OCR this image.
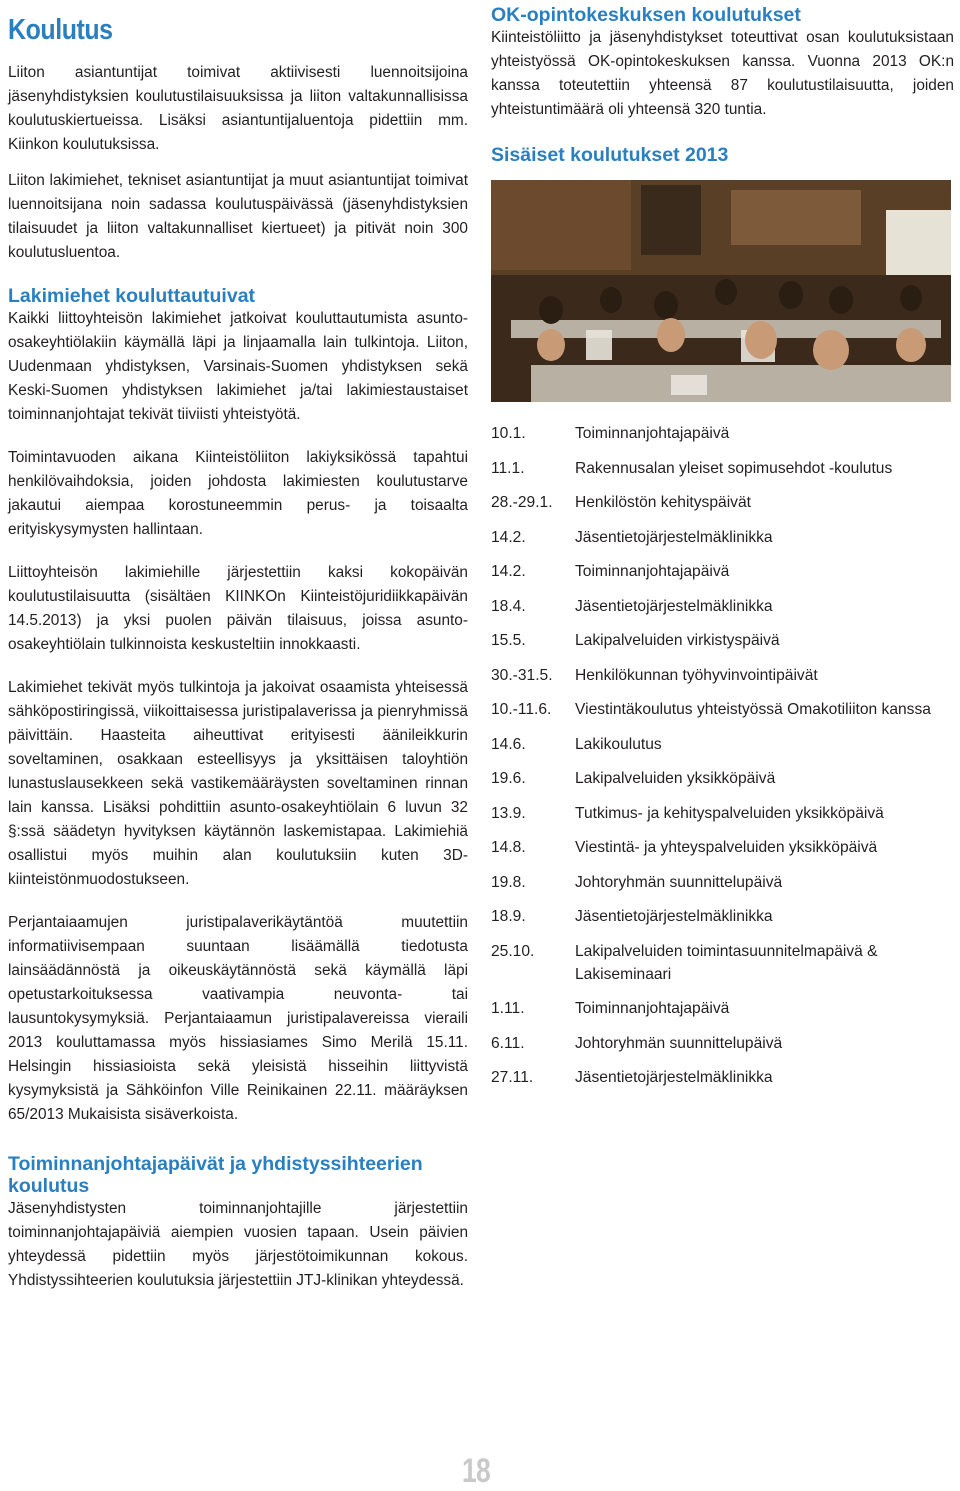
Koulutus

Liiton asiantuntijat toimivat aktiivisesti luennoitsijoina jäsenyhdistyksien koulutustilaisuuksissa ja liiton valtakunnallisissa koulutuskiertueissa. Lisäksi asiantuntijaluentoja pidettiin mm. Kiinkon koulutuksissa.

Liiton lakimiehet, tekniset asiantuntijat ja muut asiantuntijat toimivat luennoitsijana noin sadassa koulutuspäivässä (jäsenyhdistyksien tilaisuudet ja liiton valtakunnalliset kiertueet) ja pitivät noin 300 koulutusluentoa.

Lakimiehet kouluttautuivat

Kaikki liittoyhteisön lakimiehet jatkoivat kouluttautumista asunto-osakeyhtiölakiin käymällä läpi ja linjaamalla lain tulkintoja. Liiton, Uudenmaan yhdistyksen, Varsinais-Suomen yhdistyksen sekä Keski-Suomen yhdistyksen lakimiehet ja/tai lakimiestaustaiset toiminnanjohtajat tekivät tiiviisti yhteistyötä.

Toimintavuoden aikana Kiinteistöliiton lakiyksikössä tapahtui henkilövaihdoksia, joiden johdosta lakimiesten koulutustarve jakautui aiempaa korostuneemmin perus- ja toisaalta erityiskysymysten hallintaan.

Liittoyhteisön lakimiehille järjestettiin kaksi kokopäivän koulutustilaisuutta (sisältäen KIINKOn Kiinteistöjuridiikkapäivän 14.5.2013) ja yksi puolen päivän tilaisuus, joissa asunto-osakeyhtiölain tulkinnoista keskusteltiin innokkaasti.

Lakimiehet tekivät myös tulkintoja ja jakoivat osaamista yhteisessä sähköpostiringissä, viikoittaisessa juristipalaverissa ja pienryhmissä päivittäin. Haasteita aiheuttivat erityisesti äänileikkurin soveltaminen, osakkaan esteellisyys ja yksittäisen taloyhtiön lunastuslausekkeen sekä vastikemääräysten soveltaminen rinnan lain kanssa. Lisäksi pohdittiin asunto-osakeyhtiölain 6 luvun 32 §:ssä säädetyn hyvityksen käytännön laskemistapaa. Lakimiehiä osallistui myös muihin alan koulutuksiin kuten 3D-kiinteistönmuodostukseen.

Perjantaiaamujen juristipalaverikäytäntöä muutettiin informatiivisempaan suuntaan lisäämällä tiedotusta lainsäädännöstä ja oikeuskäytännöstä sekä käymällä läpi opetustarkoituksessa vaativampia neuvonta- tai lausuntokysymyksiä. Perjantaiaamun juristipalavereissa vieraili 2013 kouluttamassa myös hissiasiames Simo Merilä 15.11. Helsingin hissiasioista sekä yleisistä hisseihin liittyvistä kysymyksistä ja Sähköinfon Ville Reinikainen 22.11. määräyksen 65/2013 Mukaisista sisäverkoista.

Toiminnanjohtajapäivät ja yhdistyssihteerien koulutus

Jäsenyhdistysten toiminnanjohtajille järjestettiin toiminnanjohtajapäiviä aiempien vuosien tapaan. Usein päivien yhteydessä pidettiin myös järjestötoimikunnan kokous. Yhdistyssihteerien koulutuksia järjestettiin JTJ-klinikan yhteydessä.

OK-opintokeskuksen koulutukset

Kiinteistöliitto ja jäsenyhdistykset toteuttivat osan koulutuksistaan yhteistyössä OK-opintokeskuksen kanssa. Vuonna 2013 OK:n kanssa toteutettiin yhteensä 87 koulutustilaisuutta, joiden yhteistuntimäärä oli yhteensä 320 tuntia.

Sisäiset koulutukset 2013
10.1.	Toiminnanjohtajapäivä
11.1.	Rakennusalan yleiset sopimusehdot -koulutus
28.-29.1.	Henkilöstön kehityspäivät
14.2.	Jäsentietojärjestelmäklinikka
14.2.	Toiminnanjohtajapäivä
18.4.	Jäsentietojärjestelmäklinikka
15.5.	Lakipalveluiden virkistyspäivä
30.-31.5.	Henkilökunnan työhyvinvointipäivät
10.-11.6.	Viestintäkoulutus yhteistyössä Omakotiliiton kanssa
14.6.	Lakikoulutus
19.6.	Lakipalveluiden yksikköpäivä
13.9.	Tutkimus- ja kehityspalveluiden yksikköpäivä
14.8.	Viestintä- ja yhteyspalveluiden yksikköpäivä
19.8.	Johtoryhmän suunnittelupäivä
18.9.	Jäsentietojärjestelmäklinikka
25.10.	Lakipalveluiden toimintasuunnitelmapäivä & Lakiseminaari
1.11.	Toiminnanjohtajapäivä
6.11.	Johtoryhmän suunnittelupäivä
27.11.	Jäsentietojärjestelmäklinikka
18
